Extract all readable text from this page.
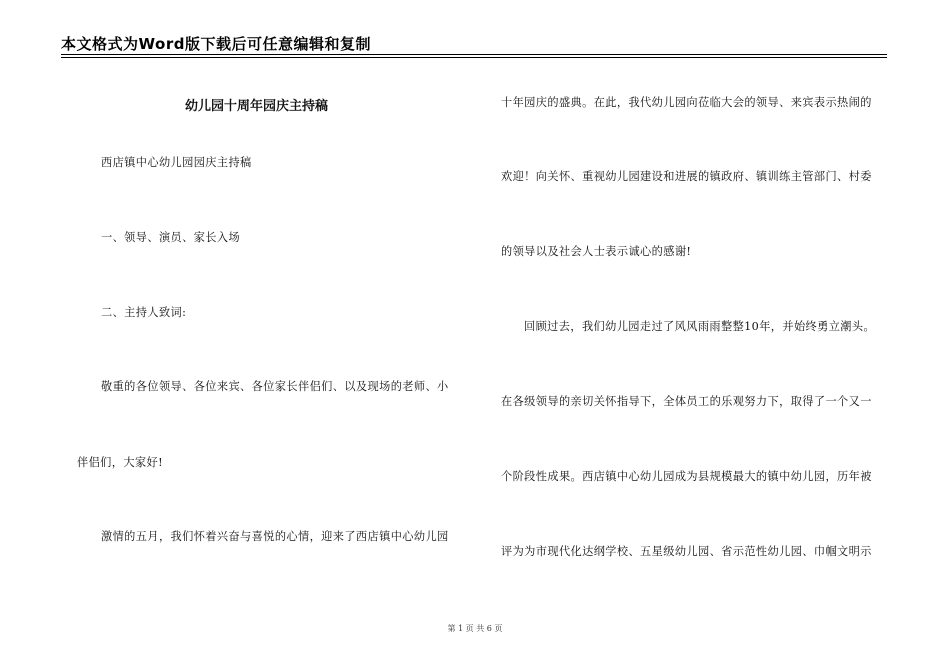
本文格式为Word版下载后可任意编辑和复制
幼儿园十周年园庆主持稿
西店镇中心幼儿园园庆主持稿
一、领导、演员、家长入场
二、主持人致词:
敬重的各位领导、各位来宾、各位家长伴侣们、以及现场的老师、小
伴侣们，大家好!
激情的五月，我们怀着兴奋与喜悦的心情，迎来了西店镇中心幼儿园
十年园庆的盛典。在此，我代幼儿园向莅临大会的领导、来宾表示热闹的
欢迎！向关怀、重视幼儿园建设和进展的镇政府、镇训练主管部门、村委
的领导以及社会人士表示诚心的感谢!
回顾过去，我们幼儿园走过了风风雨雨整整10年，并始终勇立潮头。
在各级领导的亲切关怀指导下，全体员工的乐观努力下，取得了一个又一
个阶段性成果。西店镇中心幼儿园成为县规模最大的镇中幼儿园，历年被
评为为市现代化达纲学校、五星级幼儿园、省示范性幼儿园、巾帼文明示
第 1 页 共 6 页
